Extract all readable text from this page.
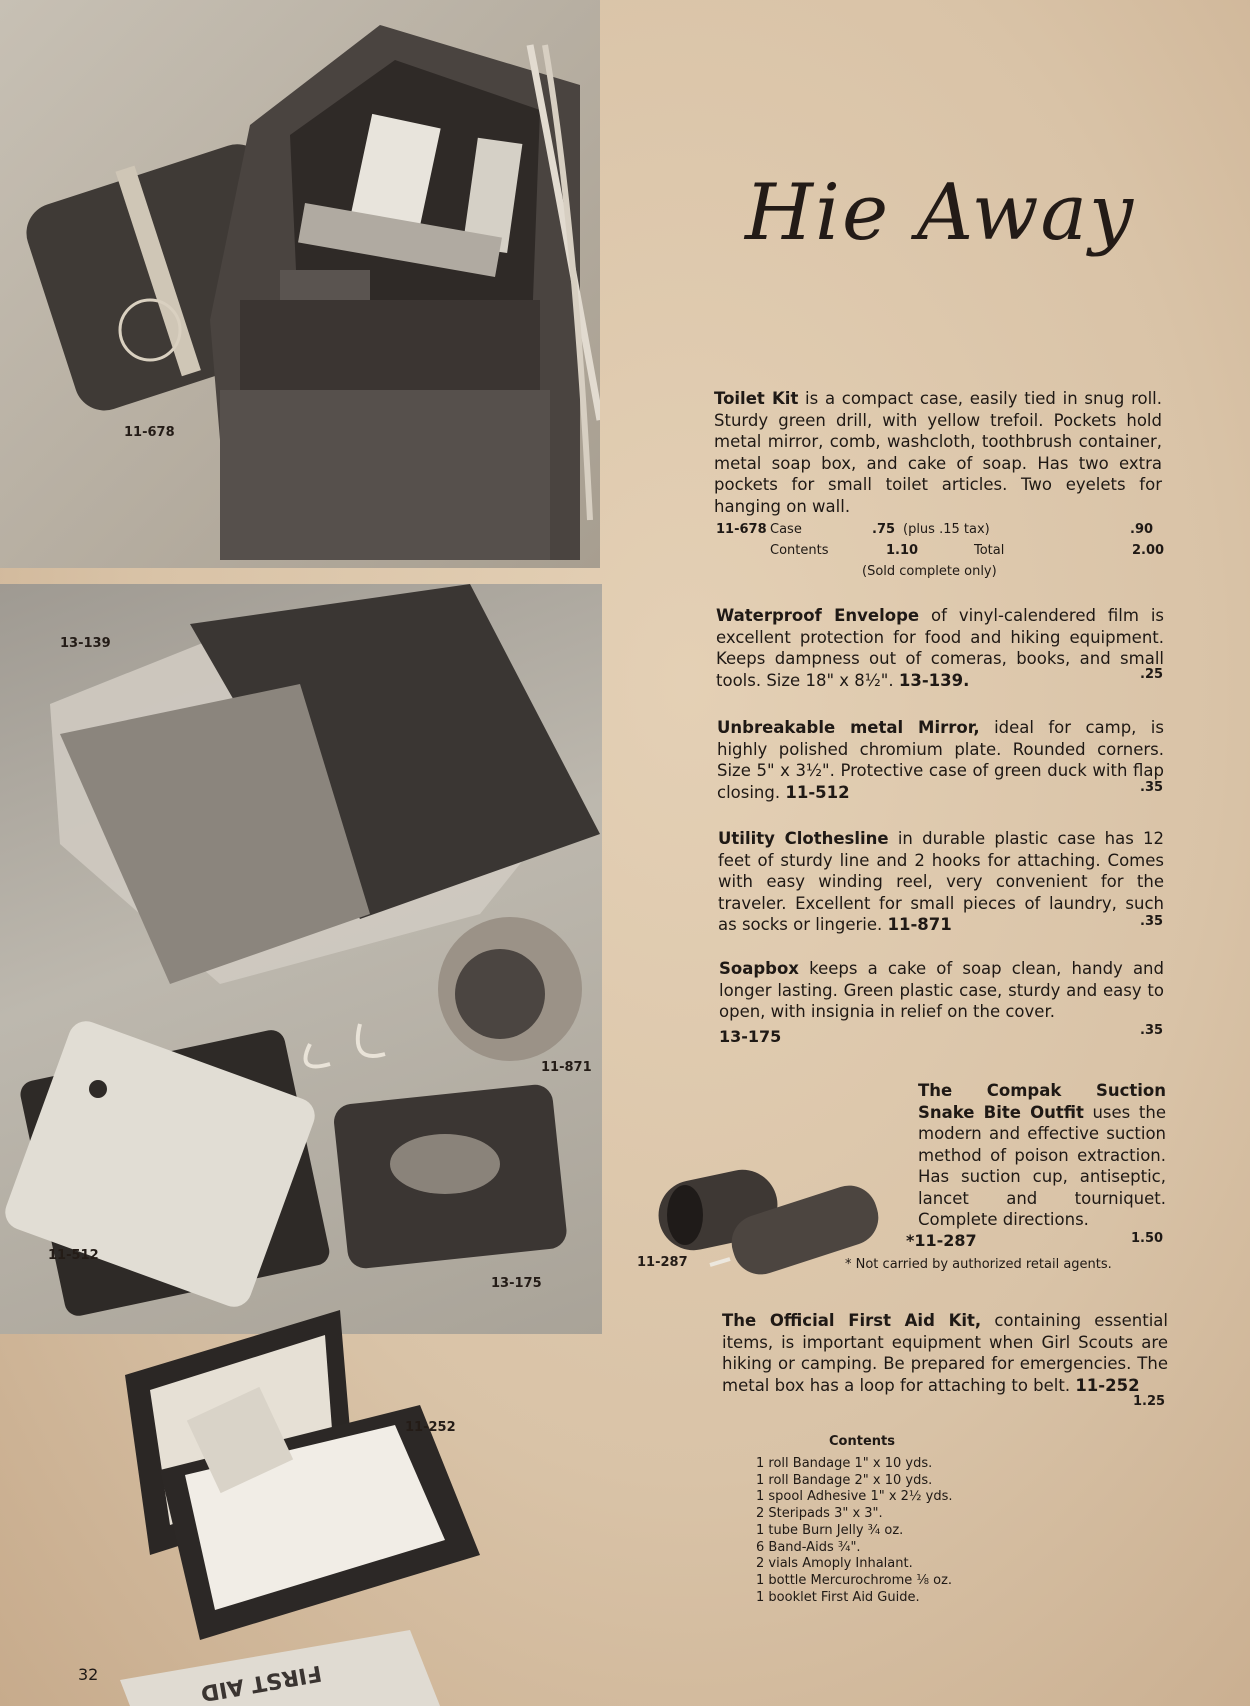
11-678
13-139
11-871
11-512
13-175
11-287
11-252
FIRST AID
Hie Away
Toilet Kit is a compact case, easily tied in snug roll. Sturdy green drill, with yellow trefoil. Pockets hold metal mirror, comb, washcloth, toothbrush container, metal soap box, and cake of soap. Has two extra pockets for small toilet articles. Two eyelets for hanging on wall.
11-678 Case	.75 (plus .15 tax)	.90
Contents	1.10	Total	2.00
(Sold complete only)
Waterproof Envelope of vinyl-calendered film is excellent protection for food and hiking equipment. Keeps dampness out of comeras, books, and small tools. Size 18" x 8½". 13-139.	.25
Unbreakable metal Mirror, ideal for camp, is highly polished chromium plate. Rounded corners. Size 5" x 3½". Protective case of green duck with flap closing. 11-512	.35
Utility Clothesline in durable plastic case has 12 feet of sturdy line and 2 hooks for attaching. Comes with easy winding reel, very convenient for the traveler. Excellent for small pieces of laundry, such as socks or lingerie. 11-871	.35
Soapbox keeps a cake of soap clean, handy and longer lasting. Green plastic case, sturdy and easy to open, with insignia in relief on the cover.
13-175	.35
The Compak Suction Snake Bite Outfit uses the modern and effective suction method of poison extraction. Has suction cup, antiseptic, lancet and tourniquet. Complete directions.
*11-287	1.50
* Not carried by authorized retail agents.
The Official First Aid Kit, containing essential items, is important equipment when Girl Scouts are hiking or camping. Be prepared for emergencies. The metal box has a loop for attaching to belt. 11-252
1.25
Contents
1 roll Bandage 1" x 10 yds.
1 roll Bandage 2" x 10 yds.
1 spool Adhesive 1" x 2½ yds.
2 Steripads 3" x 3".
1 tube Burn Jelly ¾ oz.
6 Band-Aids ¾".
2 vials Amoply Inhalant.
1 bottle Mercurochrome ⅛ oz.
1 booklet First Aid Guide.
32
